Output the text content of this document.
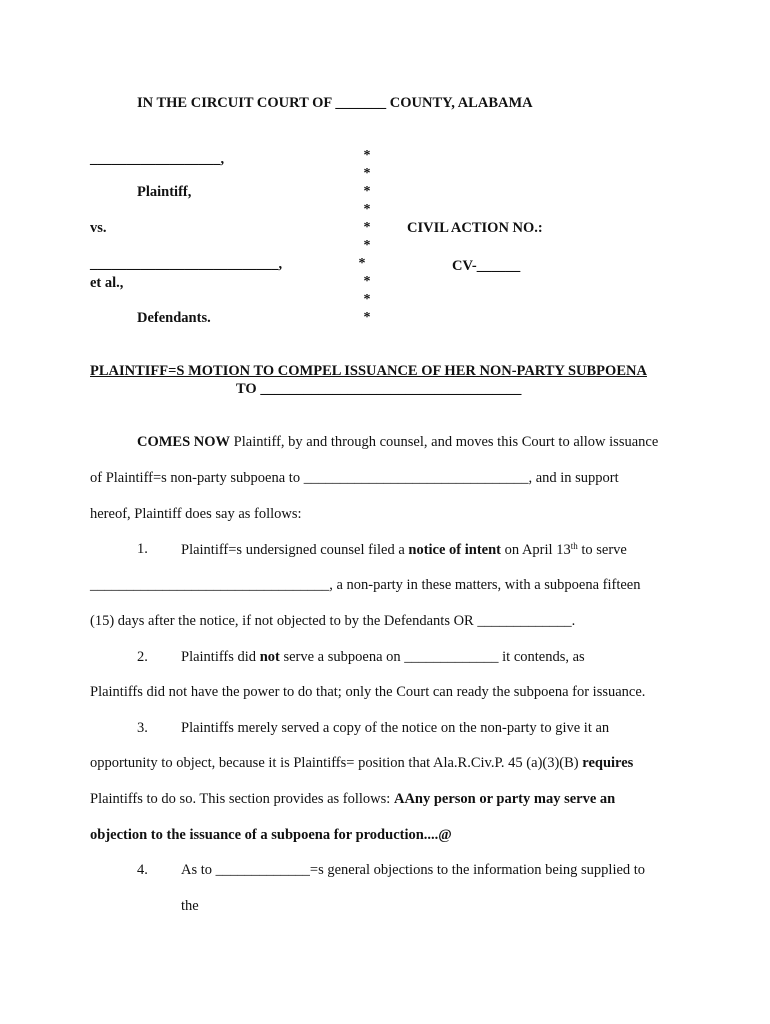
IN THE CIRCUIT COURT OF _______ COUNTY, ALABAMA
__________________,
Plaintiff,
vs.
__________________________,
et al.,
Defendants.
CIVIL ACTION NO.:
CV-______
*
*
*
*
*
*
*
*
*
*
PLAINTIFF=S MOTION TO COMPEL ISSUANCE OF HER NON-PARTY SUBPOENA
TO ____________________________________
COMES NOW Plaintiff, by and through counsel, and moves this Court to allow issuance
of Plaintiff=s non-party subpoena to _______________________________, and in support
hereof, Plaintiff does say as follows:
1. Plaintiff=s undersigned counsel filed a notice of intent on April 13th to serve
_________________________________, a non-party in these matters, with a subpoena fifteen
(15) days after the notice, if not objected to by the Defendants OR _____________.
2. Plaintiffs did not serve a subpoena on _____________ it contends, as
Plaintiffs did not have the power to do that; only the Court can ready the subpoena for issuance.
3. Plaintiffs merely served a copy of the notice on the non-party to give it an
opportunity to object, because it is Plaintiffs= position that Ala.R.Civ.P. 45 (a)(3)(B) requires
Plaintiffs to do so. This section provides as follows: AAny person or party may serve an
objection to the issuance of a subpoena for production....@
4. As to _____________=s general objections to the information being supplied to
the
